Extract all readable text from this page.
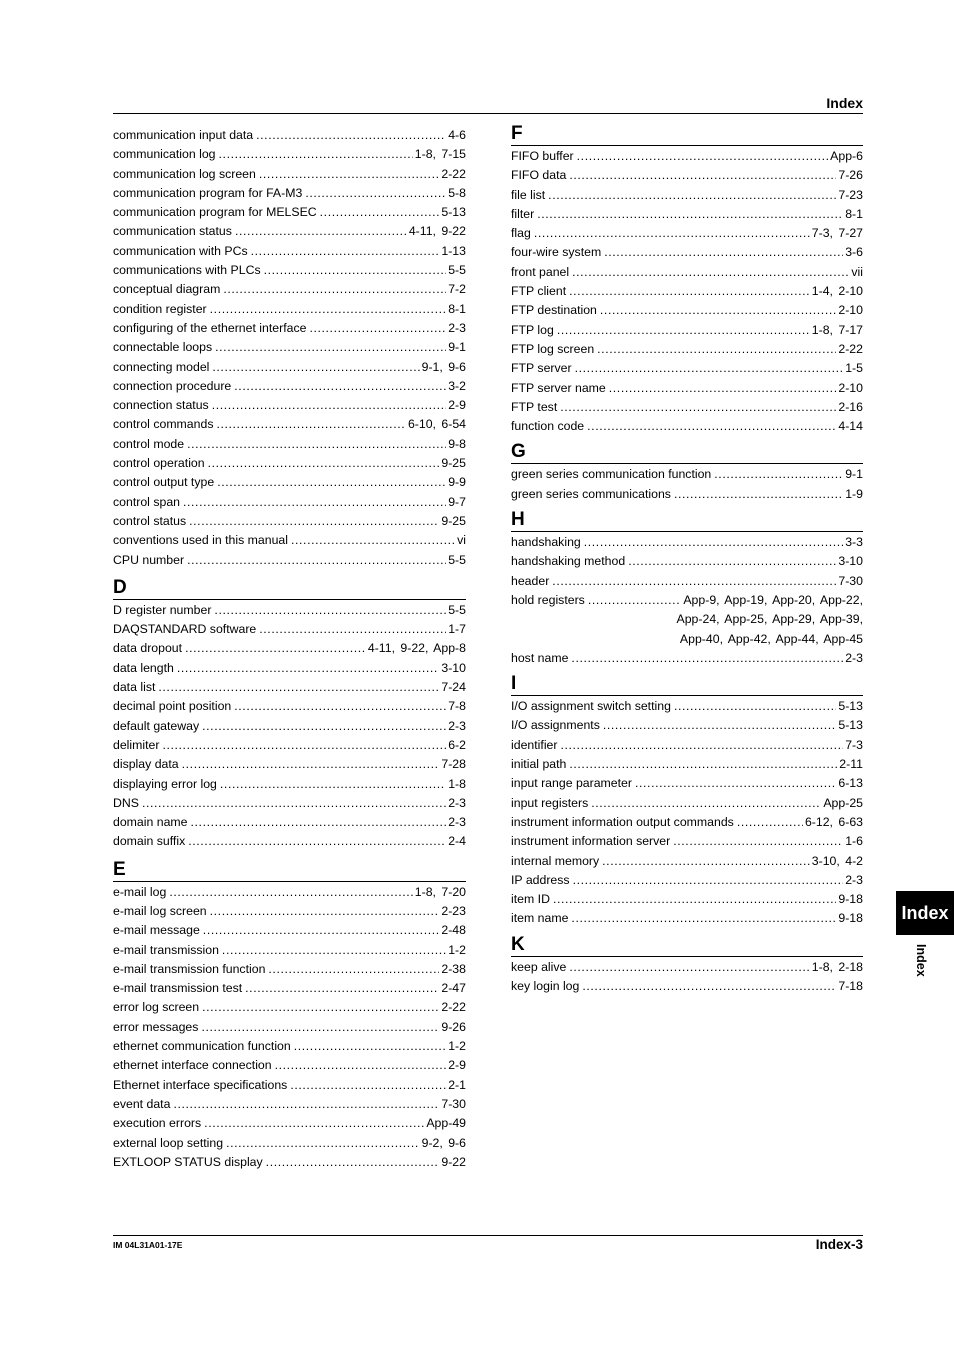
Index
communication input data .....	4-6
communication log .....	1-8, 7-15
communication log screen .....	2-22
communication program for FA-M3 .....	5-8
communication program for MELSEC .....	5-13
communication status .....	4-11, 9-22
communication with PCs .....	1-13
communications with PLCs .....	5-5
conceptual diagram .....	7-2
condition register .....	8-1
configuring of the ethernet interface .....	2-3
connectable loops .....	9-1
connecting model .....	9-1, 9-6
connection procedure .....	3-2
connection status .....	2-9
control commands .....	6-10, 6-54
control mode .....	9-8
control operation .....	9-25
control output type .....	9-9
control span .....	9-7
control status .....	9-25
conventions used in this manual .....	vi
CPU number .....	5-5
D
D register number .....	5-5
DAQSTANDARD software .....	1-7
data dropout .....	4-11, 9-22, App-8
data length .....	3-10
data list .....	7-24
decimal point position .....	7-8
default gateway .....	2-3
delimiter .....	6-2
display data .....	7-28
displaying error log .....	1-8
DNS .....	2-3
domain name .....	2-3
domain suffix .....	2-4
E
e-mail log .....	1-8, 7-20
e-mail log screen .....	2-23
e-mail message .....	2-48
e-mail transmission .....	1-2
e-mail transmission function .....	2-38
e-mail transmission test .....	2-47
error log screen .....	2-22
error messages .....	9-26
ethernet communication function .....	1-2
ethernet interface connection .....	2-9
Ethernet interface specifications .....	2-1
event data .....	7-30
execution errors .....	App-49
external loop setting .....	9-2, 9-6
EXTLOOP STATUS display .....	9-22
F
FIFO buffer .....	App-6
FIFO data .....	7-26
file list .....	7-23
filter .....	8-1
flag .....	7-3, 7-27
four-wire system .....	3-6
front panel .....	vii
FTP client .....	1-4, 2-10
FTP destination .....	2-10
FTP log .....	1-8, 7-17
FTP log screen .....	2-22
FTP server .....	1-5
FTP server name .....	2-10
FTP test .....	2-16
function code .....	4-14
G
green series communication function .....	9-1
green series communications .....	1-9
H
handshaking .....	3-3
handshaking method .....	3-10
header .....	7-30
hold registers .....	App-9, App-19, App-20, App-22,
App-24, App-25, App-29, App-39,
App-40, App-42, App-44, App-45
host name .....	2-3
I
I/O assignment switch setting .....	5-13
I/O assignments .....	5-13
identifier .....	7-3
initial path .....	2-11
input range parameter .....	6-13
input registers .....	App-25
instrument information output commands .....	6-12, 6-63
instrument information server .....	1-6
internal memory .....	3-10, 4-2
IP address .....	2-3
item ID .....	9-18
item name .....	9-18
K
keep alive .....	1-8, 2-18
key login log .....	7-18
Index
Index
IM 04L31A01-17E	Index-3
